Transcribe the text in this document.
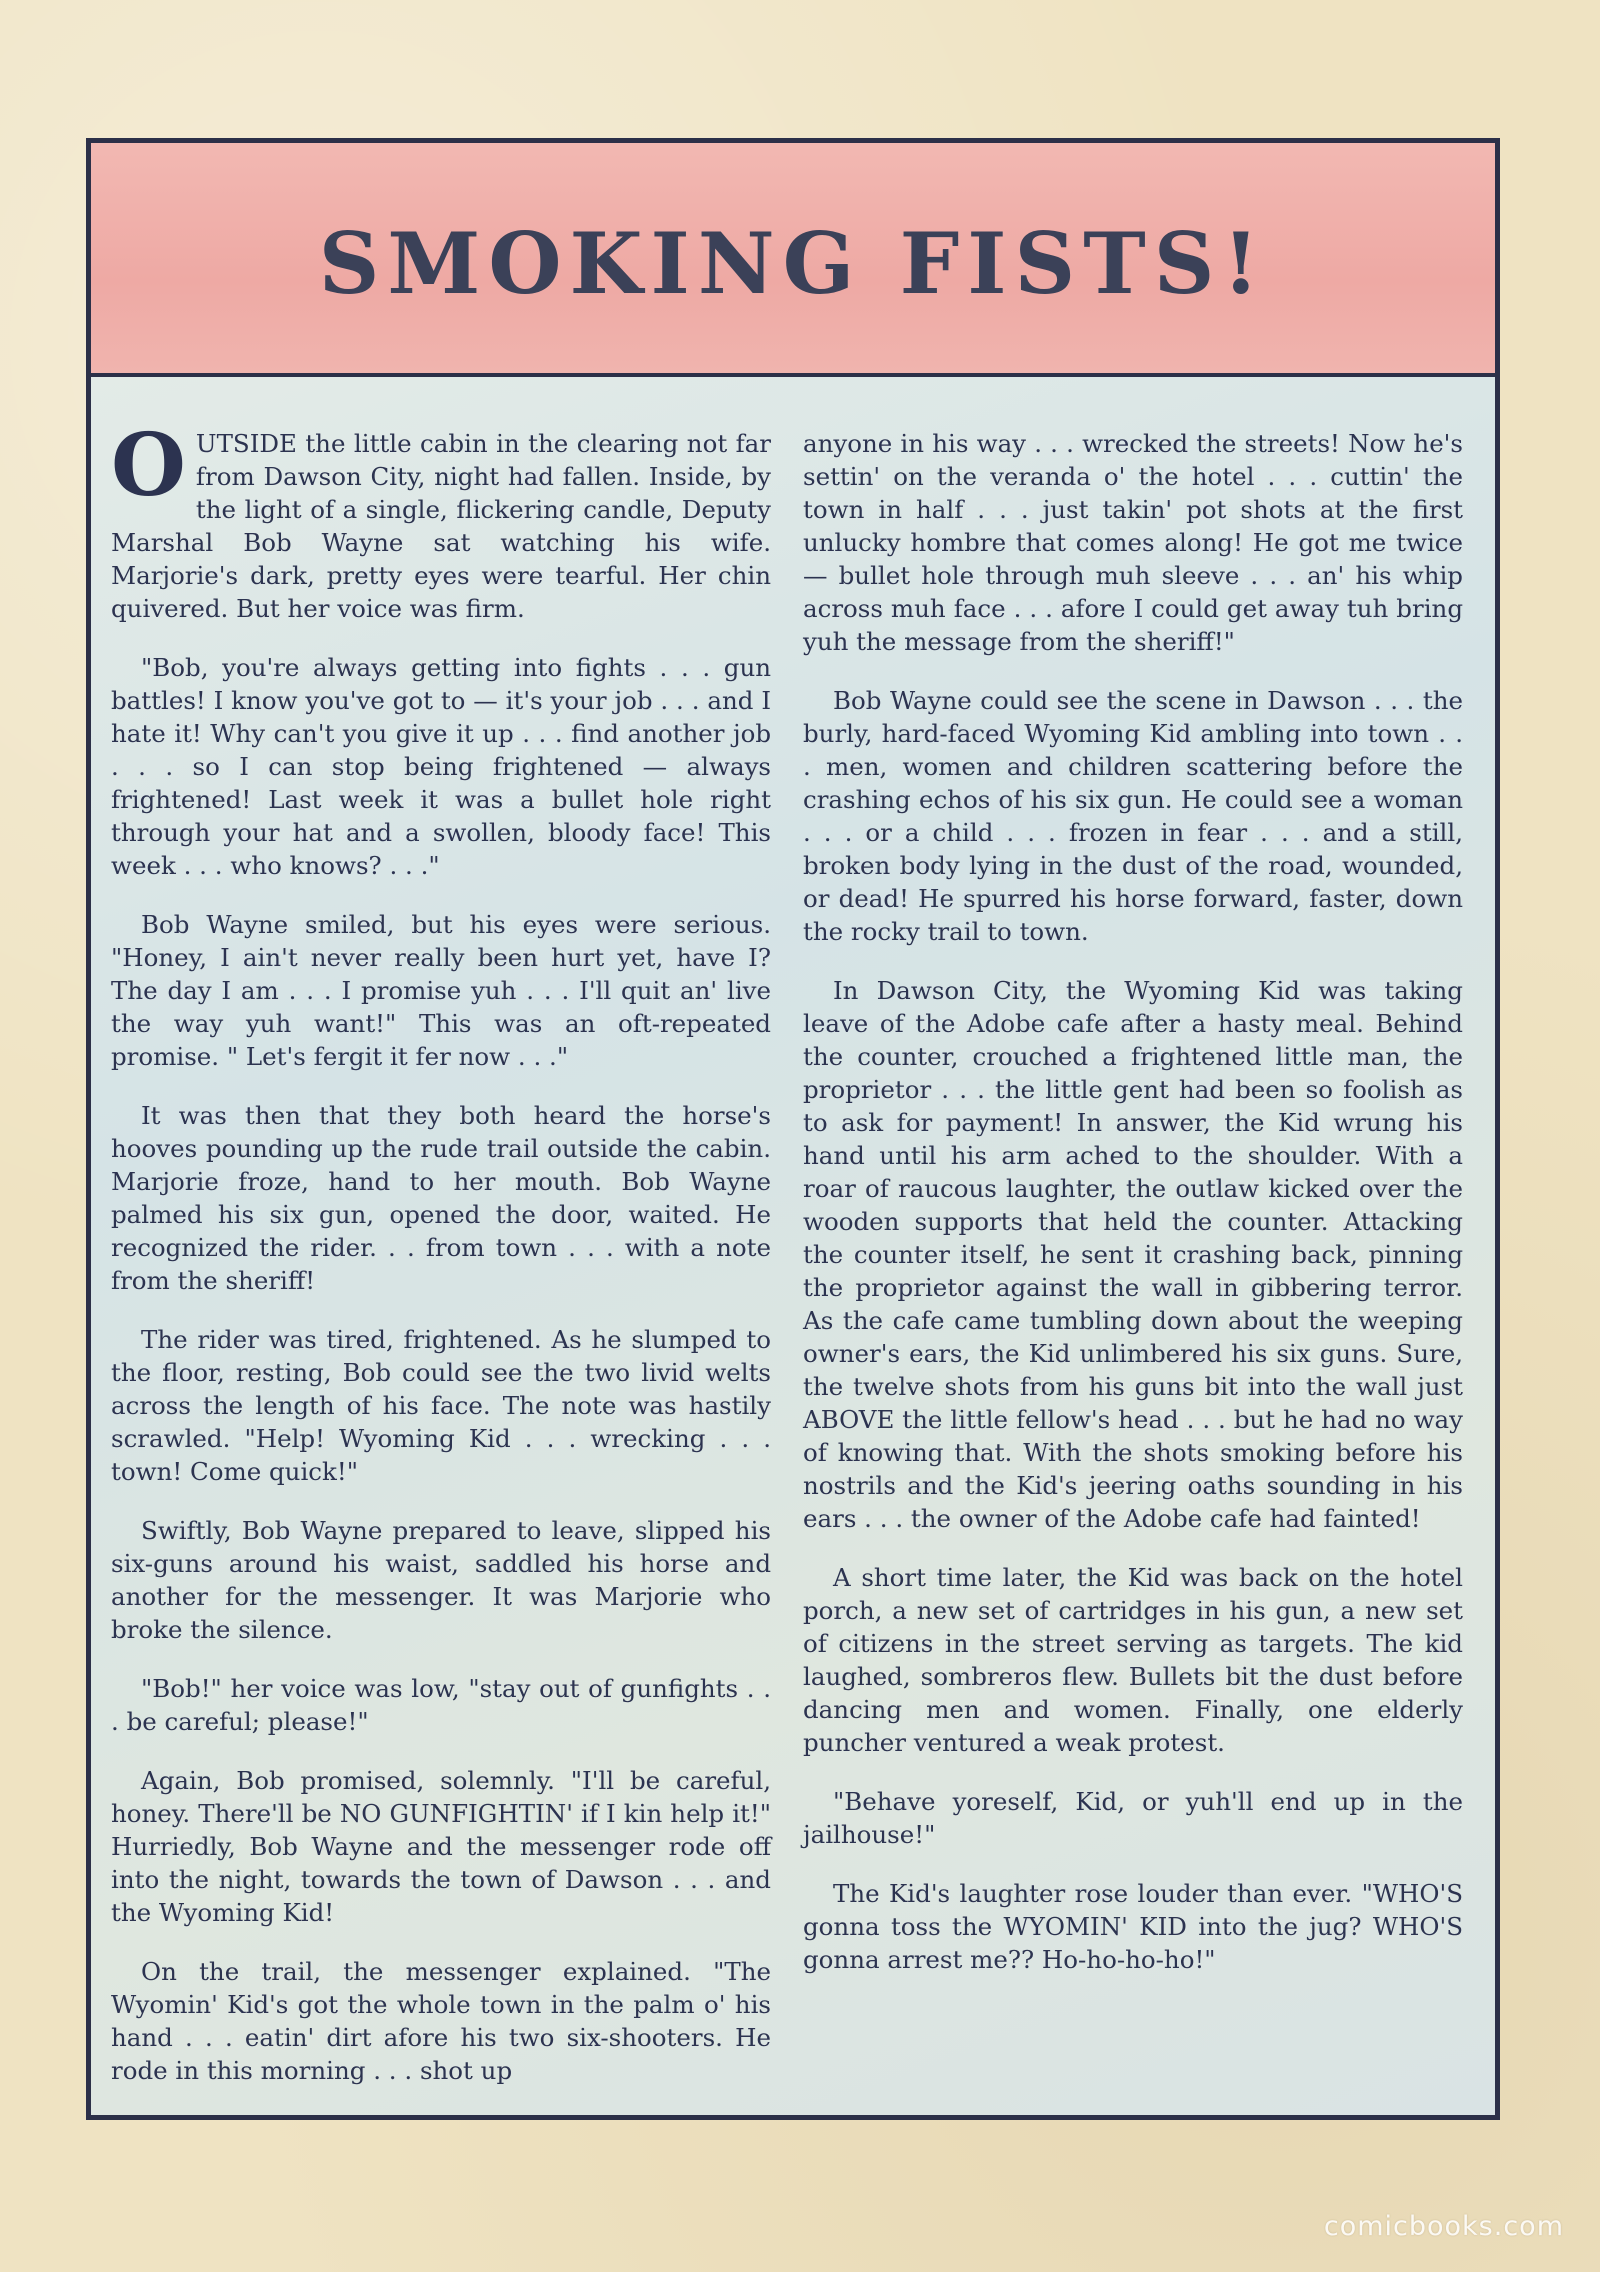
SMOKING FISTS!

OUTSIDE the little cabin in the clearing not far from Dawson City, night had fallen. Inside, by the light of a single, flickering candle, Deputy Marshal Bob Wayne sat watching his wife. Marjorie's dark, pretty eyes were tearful. Her chin quivered. But her voice was firm.

"Bob, you're always getting into fights . . . gun battles! I know you've got to — it's your job . . . and I hate it! Why can't you give it up . . . find another job . . . so I can stop being frightened — always frightened! Last week it was a bullet hole right through your hat and a swollen, bloody face! This week . . . who knows? . . ."

Bob Wayne smiled, but his eyes were serious. "Honey, I ain't never really been hurt yet, have I? The day I am . . . I promise yuh . . . I'll quit an' live the way yuh want!" This was an oft-repeated promise. " Let's fergit it fer now . . ."

It was then that they both heard the horse's hooves pounding up the rude trail outside the cabin. Marjorie froze, hand to her mouth. Bob Wayne palmed his six gun, opened the door, waited. He recognized the rider. . . from town . . . with a note from the sheriff!

The rider was tired, frightened. As he slumped to the floor, resting, Bob could see the two livid welts across the length of his face. The note was hastily scrawled. "Help! Wyoming Kid . . . wrecking . . . town! Come quick!"

Swiftly, Bob Wayne prepared to leave, slipped his six-guns around his waist, saddled his horse and another for the messenger. It was Marjorie who broke the silence.

"Bob!" her voice was low, "stay out of gunfights . . . be careful; please!"

Again, Bob promised, solemnly. "I'll be careful, honey. There'll be NO GUNFIGHTIN' if I kin help it!" Hurriedly, Bob Wayne and the messenger rode off into the night, towards the town of Dawson . . . and the Wyoming Kid!

On the trail, the messenger explained. "The Wyomin' Kid's got the whole town in the palm o' his hand . . . eatin' dirt afore his two six-shooters. He rode in this morning . . . shot up

anyone in his way . . . wrecked the streets! Now he's settin' on the veranda o' the hotel . . . cuttin' the town in half . . . just takin' pot shots at the first unlucky hombre that comes along! He got me twice — bullet hole through muh sleeve . . . an' his whip across muh face . . . afore I could get away tuh bring yuh the message from the sheriff!"

Bob Wayne could see the scene in Dawson . . . the burly, hard-faced Wyoming Kid ambling into town . . . men, women and children scattering before the crashing echos of his six gun. He could see a woman . . . or a child . . . frozen in fear . . . and a still, broken body lying in the dust of the road, wounded, or dead! He spurred his horse forward, faster, down the rocky trail to town.

In Dawson City, the Wyoming Kid was taking leave of the Adobe cafe after a hasty meal. Behind the counter, crouched a frightened little man, the proprietor . . . the little gent had been so foolish as to ask for payment! In answer, the Kid wrung his hand until his arm ached to the shoulder. With a roar of raucous laughter, the outlaw kicked over the wooden supports that held the counter. Attacking the counter itself, he sent it crashing back, pinning the proprietor against the wall in gibbering terror. As the cafe came tumbling down about the weeping owner's ears, the Kid unlimbered his six guns. Sure, the twelve shots from his guns bit into the wall just ABOVE the little fellow's head . . . but he had no way of knowing that. With the shots smoking before his nostrils and the Kid's jeering oaths sounding in his ears . . . the owner of the Adobe cafe had fainted!

A short time later, the Kid was back on the hotel porch, a new set of cartridges in his gun, a new set of citizens in the street serving as targets. The kid laughed, sombreros flew. Bullets bit the dust before dancing men and women. Finally, one elderly puncher ventured a weak protest.

"Behave yoreself, Kid, or yuh'll end up in the jailhouse!"

The Kid's laughter rose louder than ever. "WHO'S gonna toss the WYOMIN' KID into the jug? WHO'S gonna arrest me?? Ho-ho-ho-ho!"

comicbooks.com
